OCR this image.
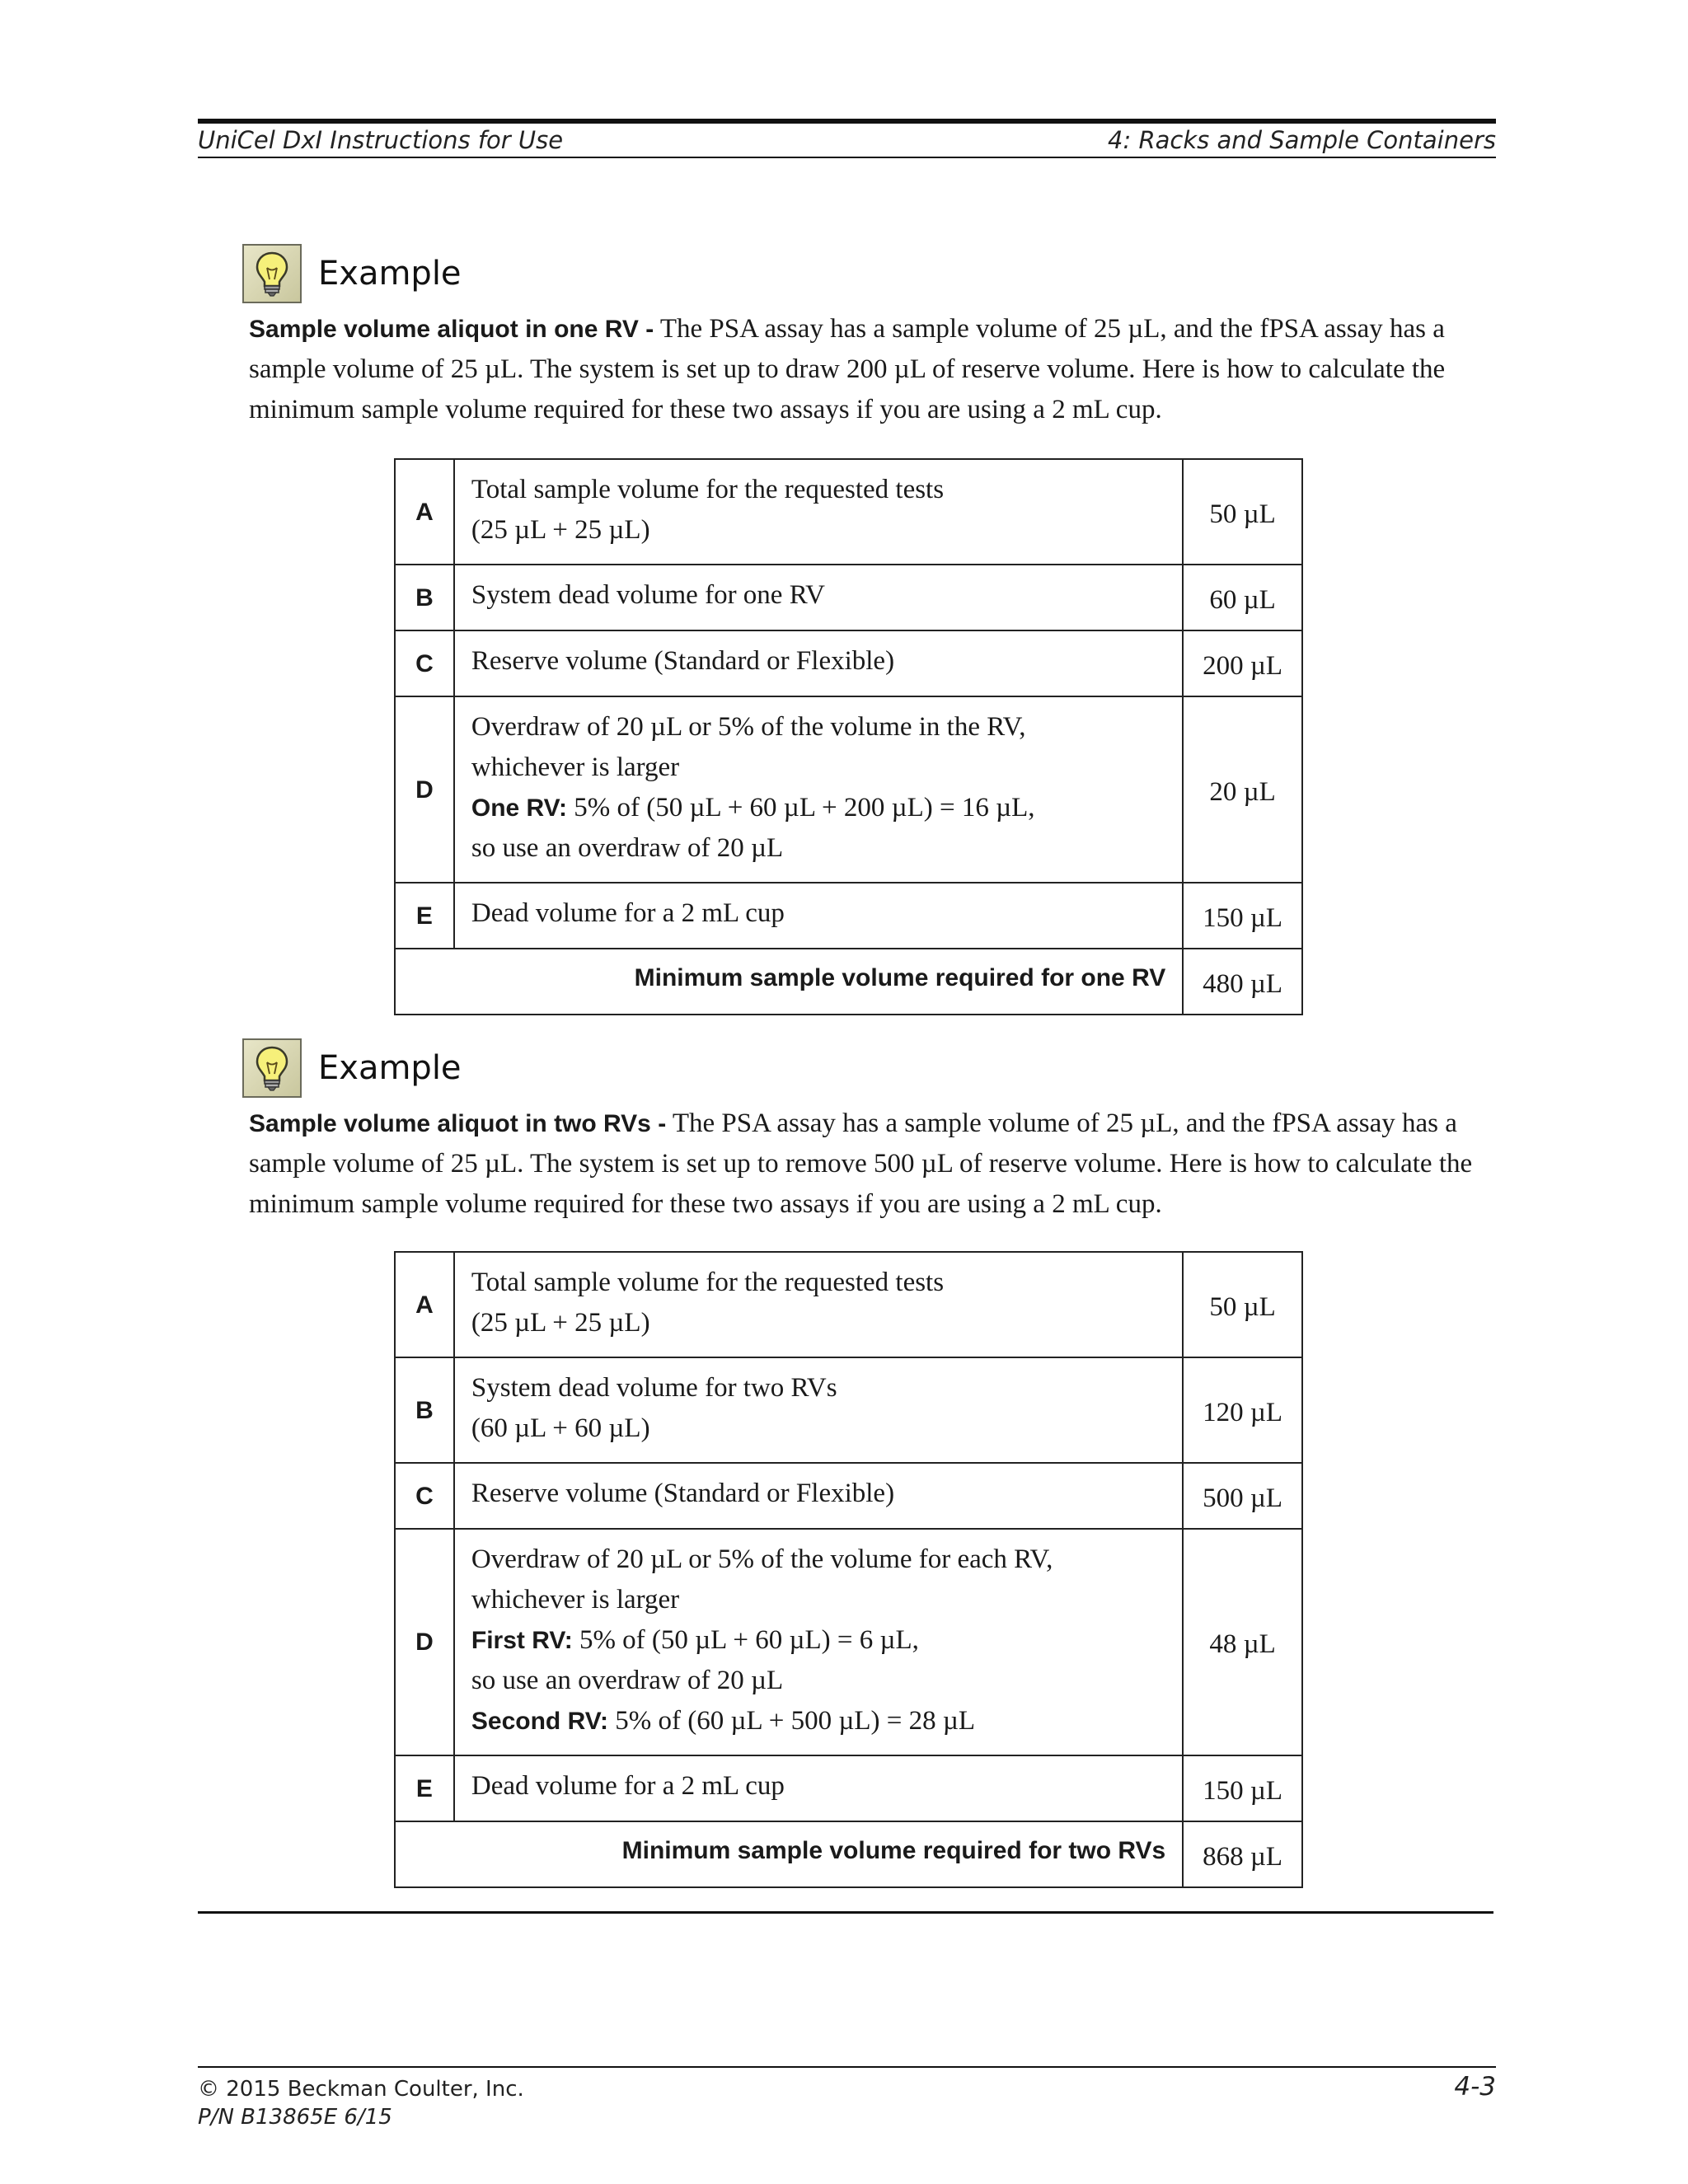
UniCel DxI Instructions for Use	4: Racks and Sample Containers
Example

Sample volume aliquot in one RV - The PSA assay has a sample volume of 25 µL, and the fPSA assay has a sample volume of 25 µL. The system is set up to draw 200 µL of reserve volume. Here is how to calculate the minimum sample volume required for these two assays if you are using a 2 mL cup.

A	Total sample volume for the requested tests
(25 µL + 25 µL)	50 µL
B	System dead volume for one RV	60 µL
C	Reserve volume (Standard or Flexible)	200 µL
D	Overdraw of 20 µL or 5% of the volume in the RV,
whichever is larger
One RV: 5% of (50 µL + 60 µL + 200 µL) = 16 µL,
so use an overdraw of 20 µL	20 µL
E	Dead volume for a 2 mL cup	150 µL
Minimum sample volume required for one RV		480 µL
Example

Sample volume aliquot in two RVs - The PSA assay has a sample volume of 25 µL, and the fPSA assay has a sample volume of 25 µL. The system is set up to remove 500 µL of reserve volume. Here is how to calculate the minimum sample volume required for these two assays if you are using a 2 mL cup.

A	Total sample volume for the requested tests
(25 µL + 25 µL)	50 µL
B	System dead volume for two RVs
(60 µL + 60 µL)	120 µL
C	Reserve volume (Standard or Flexible)	500 µL
D	Overdraw of 20 µL or 5% of the volume for each RV,
whichever is larger
First RV: 5% of (50 µL + 60 µL) = 6 µL,
so use an overdraw of 20 µL
Second RV: 5% of (60 µL + 500 µL) = 28 µL	48 µL
E	Dead volume for a 2 mL cup	150 µL
Minimum sample volume required for two RVs		868 µL
© 2015 Beckman Coulter, Inc.
P/N B13865E 6/15
4-3
